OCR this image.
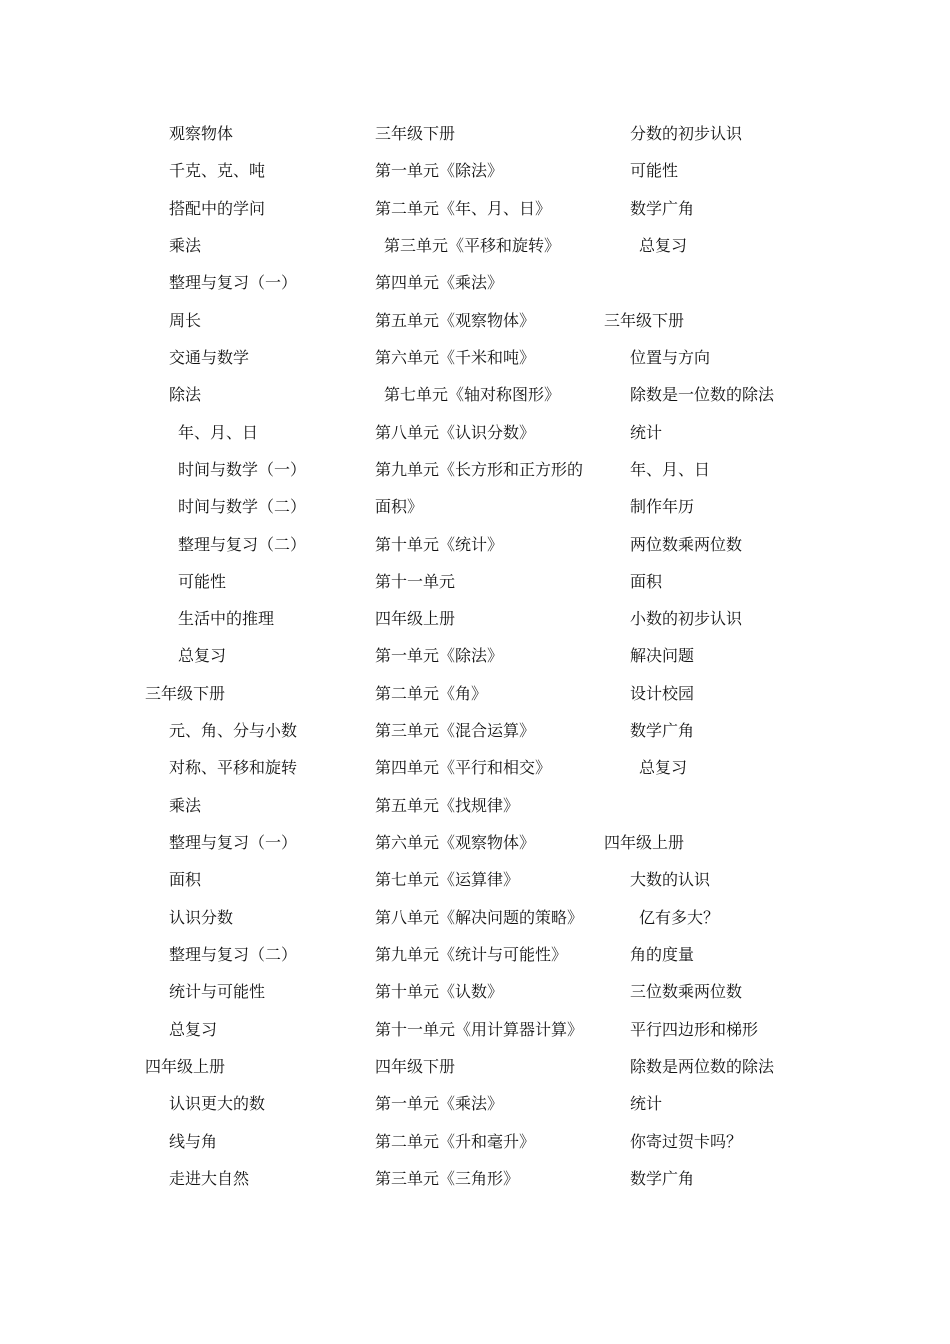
观察物体
千克、克、吨
搭配中的学问
乘法
整理与复习（一）
周长
交通与数学
除法
年、月、日
时间与数学（一）
时间与数学（二）
整理与复习（二）
可能性
生活中的推理
总复习
三年级下册
元、角、分与小数
对称、平移和旋转
乘法
整理与复习（一）
面积
认识分数
整理与复习（二）
统计与可能性
总复习
四年级上册
认识更大的数
线与角
走进大自然
三年级下册
第一单元《除法》
第二单元《年、月、日》
第三单元《平移和旋转》
第四单元《乘法》
第五单元《观察物体》
第六单元《千米和吨》
第七单元《轴对称图形》
第八单元《认识分数》
第九单元《长方形和正方形的
面积》
第十单元《统计》
第十一单元
四年级上册
第一单元《除法》
第二单元《角》
第三单元《混合运算》
第四单元《平行和相交》
第五单元《找规律》
第六单元《观察物体》
第七单元《运算律》
第八单元《解决问题的策略》
第九单元《统计与可能性》
第十单元《认数》
第十一单元《用计算器计算》
四年级下册
第一单元《乘法》
第二单元《升和毫升》
第三单元《三角形》
分数的初步认识
可能性
数学广角
总复习
三年级下册
位置与方向
除数是一位数的除法
统计
年、月、日
制作年历
两位数乘两位数
面积
小数的初步认识
解决问题
设计校园
数学广角
总复习
四年级上册
大数的认识
亿有多大？
角的度量
三位数乘两位数
平行四边形和梯形
除数是两位数的除法
统计
你寄过贺卡吗？
数学广角
